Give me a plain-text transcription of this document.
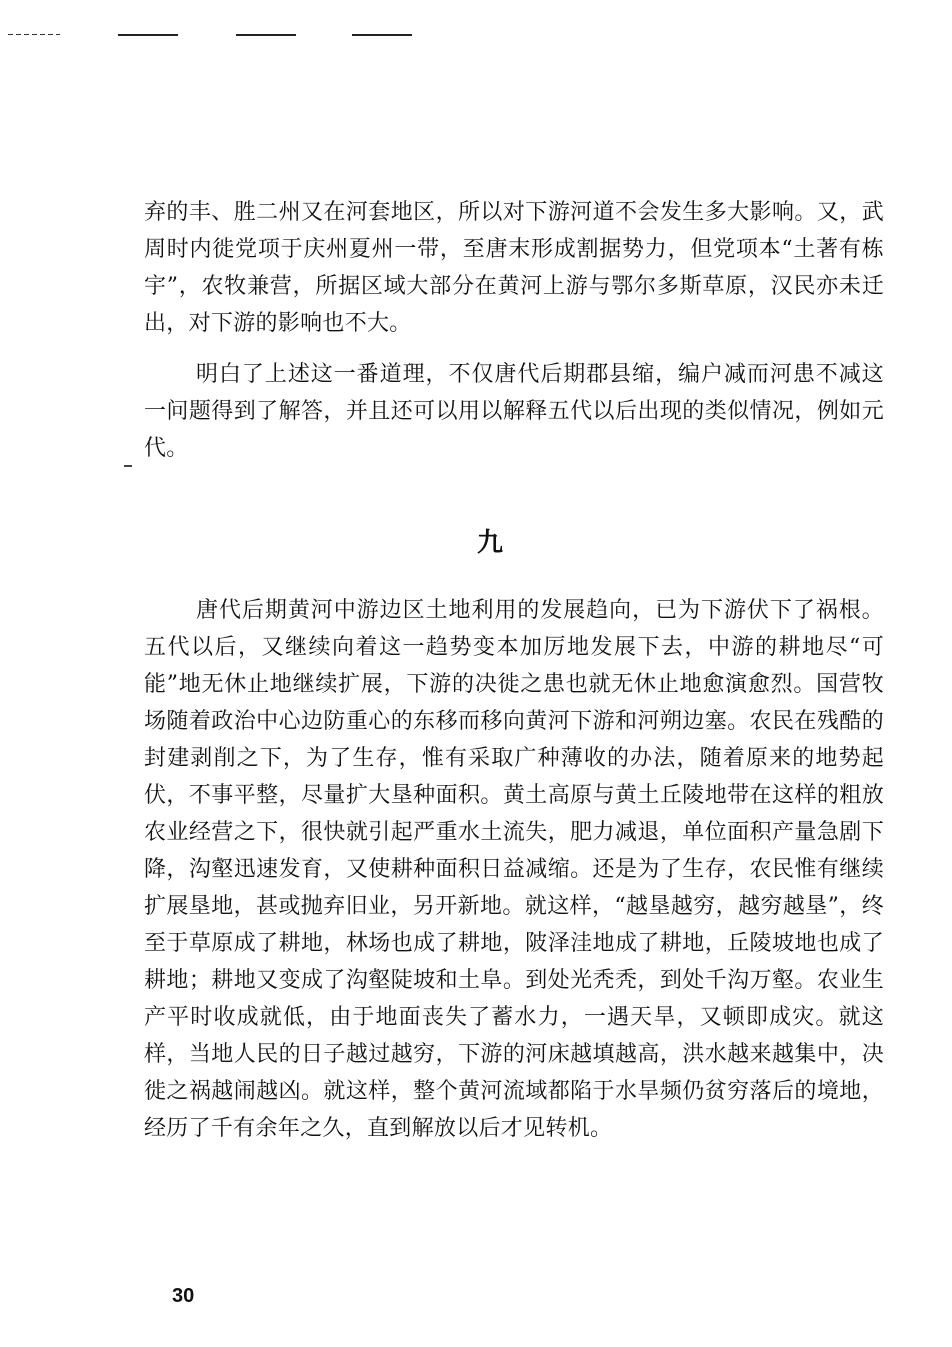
弃的丰、胜二州又在河套地区，所以对下游河道不会发生多大影响。又，武周时内徙党项于庆州夏州一带，至唐末形成割据势力，但党项本“土著有栋宇”，农牧兼营，所据区域大部分在黄河上游与鄂尔多斯草原，汉民亦未迁出，对下游的影响也不大。

明白了上述这一番道理，不仅唐代后期郡县缩，编户减而河患不减这一问题得到了解答，并且还可以用以解释五代以后出现的类似情况，例如元代。

九

唐代后期黄河中游边区土地利用的发展趋向，已为下游伏下了祸根。五代以后，又继续向着这一趋势变本加厉地发展下去，中游的耕地尽“可能”地无休止地继续扩展，下游的决徙之患也就无休止地愈演愈烈。国营牧场随着政治中心边防重心的东移而移向黄河下游和河朔边塞。农民在残酷的封建剥削之下，为了生存，惟有采取广种薄收的办法，随着原来的地势起伏，不事平整，尽量扩大垦种面积。黄土高原与黄土丘陵地带在这样的粗放农业经营之下，很快就引起严重水土流失，肥力减退，单位面积产量急剧下降，沟壑迅速发育，又使耕种面积日益减缩。还是为了生存，农民惟有继续扩展垦地，甚或抛弃旧业，另开新地。就这样，“越垦越穷，越穷越垦”，终至于草原成了耕地，林场也成了耕地，陂泽洼地成了耕地，丘陵坡地也成了耕地；耕地又变成了沟壑陡坡和土阜。到处光秃秃，到处千沟万壑。农业生产平时收成就低，由于地面丧失了蓄水力，一遇天旱，又顿即成灾。就这样，当地人民的日子越过越穷，下游的河床越填越高，洪水越来越集中，决徙之祸越闹越凶。就这样，整个黄河流域都陷于水旱频仍贫穷落后的境地，经历了千有余年之久，直到解放以后才见转机。

30
